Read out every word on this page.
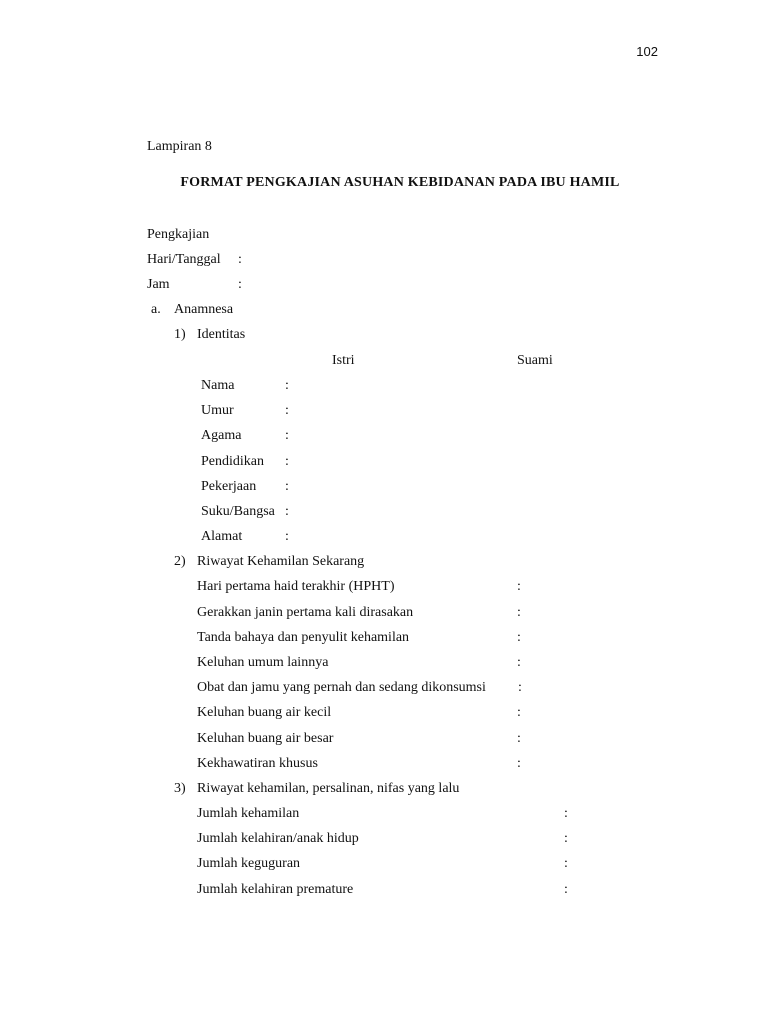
102
Lampiran 8
FORMAT PENGKAJIAN ASUHAN KEBIDANAN PADA IBU HAMIL
Pengkajian
Hari/Tanggal :
Jam	:
a. Anamnesa
1) Identitas
Istri	Suami
Nama	:
Umur	:
Agama	:
Pendidikan :
Pekerjaan :
Suku/Bangsa :
Alamat	:
2) Riwayat Kehamilan Sekarang
Hari pertama haid terakhir (HPHT)	:
Gerakkan janin pertama kali dirasakan	:
Tanda bahaya dan penyulit kehamilan	:
Keluhan umum lainnya	:
Obat dan jamu yang pernah dan sedang dikonsumsi :
Keluhan buang air kecil	:
Keluhan buang air besar	:
Kekhawatiran khusus	:
3) Riwayat kehamilan, persalinan, nifas yang lalu
Jumlah kehamilan	:
Jumlah kelahiran/anak hidup	:
Jumlah keguguran	:
Jumlah kelahiran premature	:
